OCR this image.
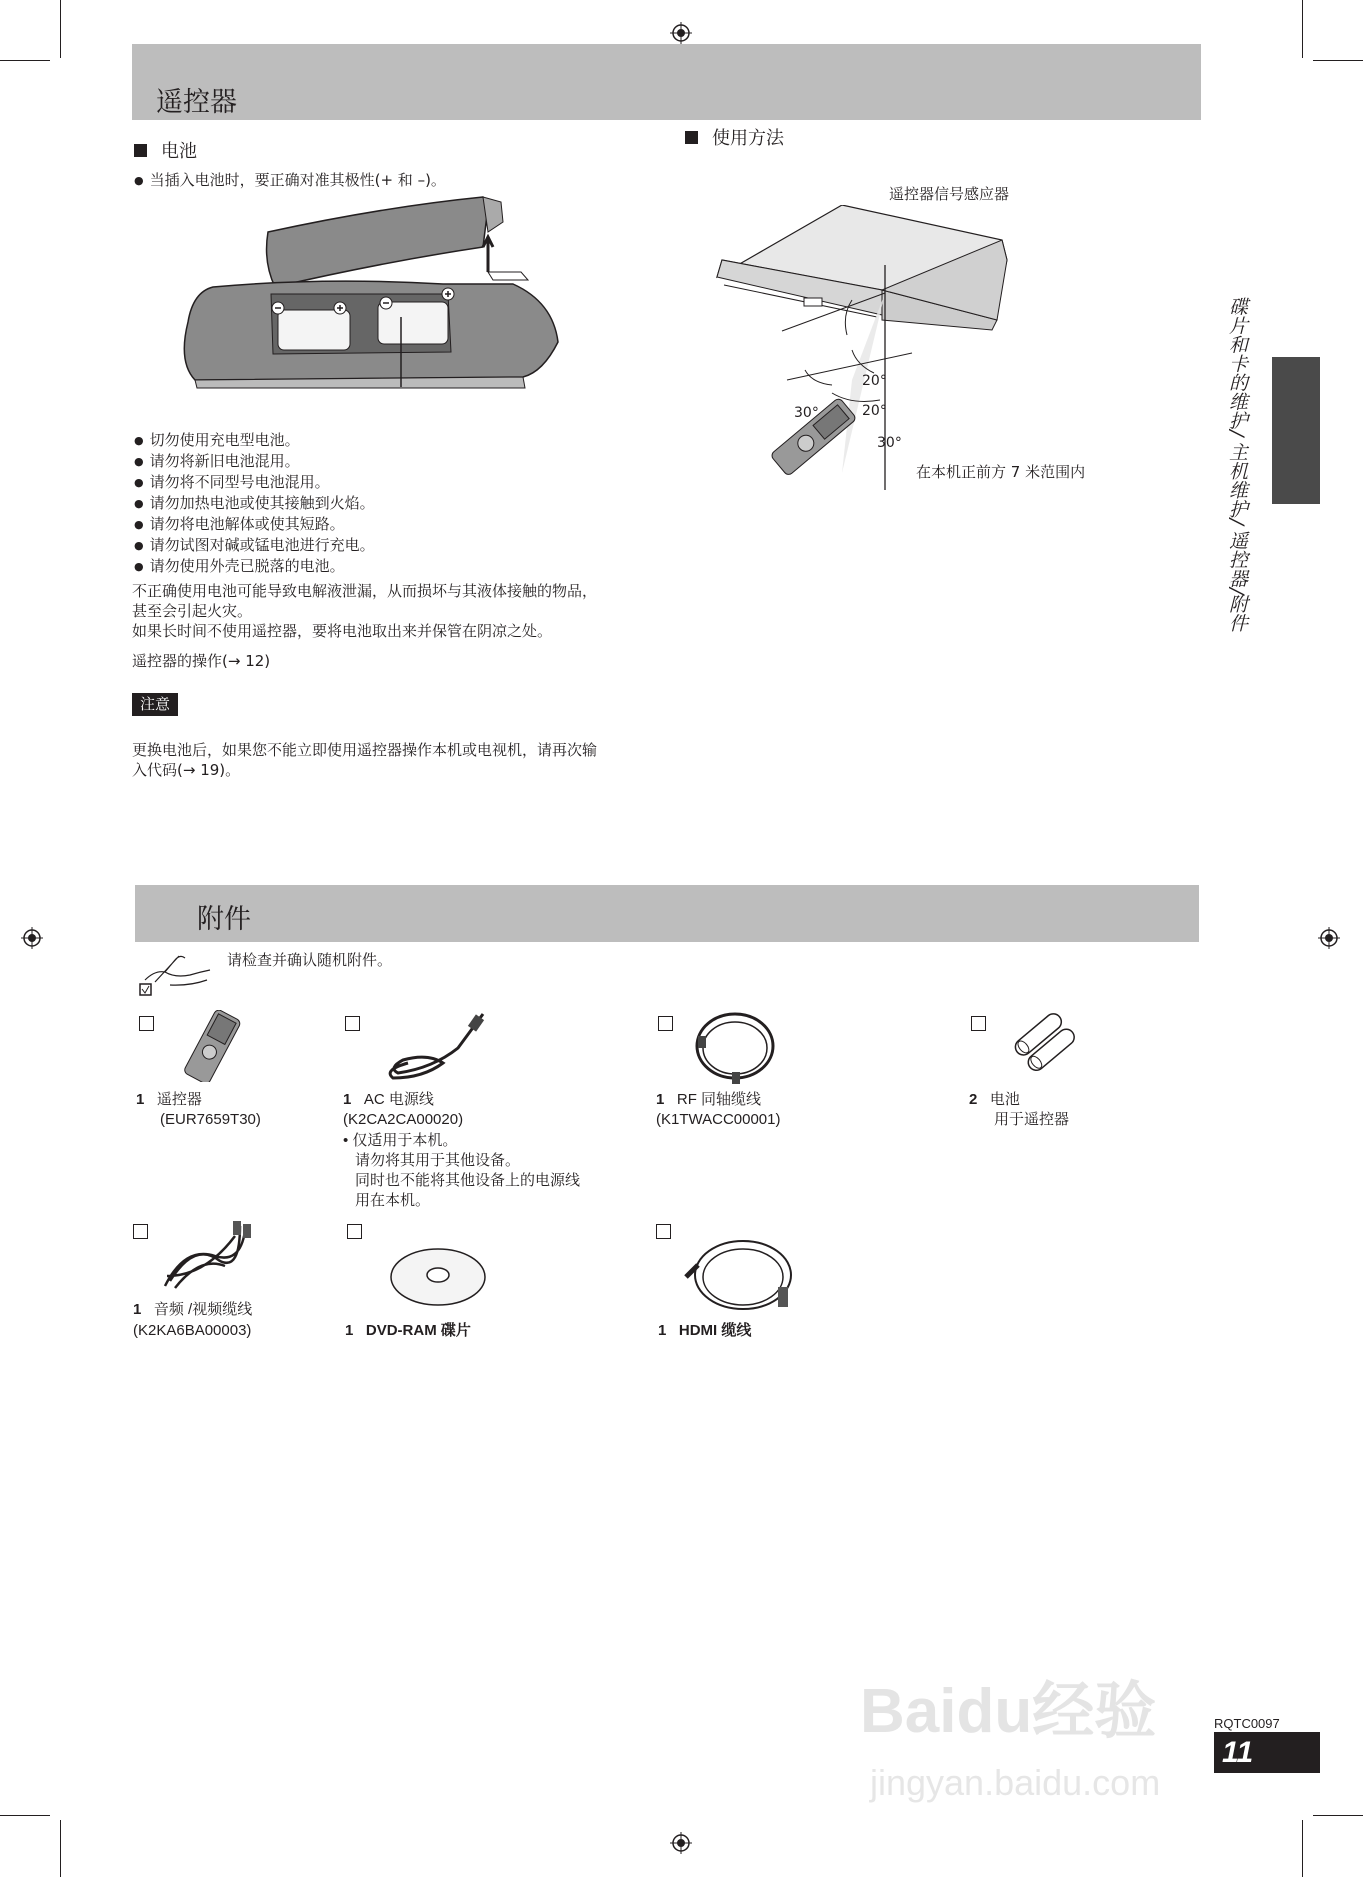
遥控器
电池
● 当插入电池时，要正确对准其极性(+ 和 –)。
● 切勿使用充电型电池。
● 请勿将新旧电池混用。
● 请勿将不同型号电池混用。
● 请勿加热电池或使其接触到火焰。
● 请勿将电池解体或使其短路。
● 请勿试图对碱或锰电池进行充电。
● 请勿使用外壳已脱落的电池。
不正确使用电池可能导致电解液泄漏，从而损坏与其液体接触的物品，
甚至会引起火灾。
如果长时间不使用遥控器，要将电池取出来并保管在阴凉之处。
遥控器的操作(→ 12)
注意
更换电池后，如果您不能立即使用遥控器操作本机或电视机，请再次输
入代码(→ 19)。
使用方法
遥控器信号感应器
20°
30°	20°
30°
在本机正前方 7 米范围内	碟片和卡的维护/ 主机维护/ 遥控器/附件
附件
请检查并确认随机附件。
1 遥控器
(EUR7659T30)
1 AC 电源线
(K2CA2CA00020)
• 仅适用于本机。
请勿将其用于其他设备。
同时也不能将其他设备上的电源线
用在本机。
1 RF 同轴缆线
(K1TWACC00001)
2 电池
用于遥控器
1 音频 /视频缆线
(K2KA6BA00003)	1 DVD-RAM 碟片	1 HDMI 缆线
Baidu经验
jingyan.baidu.com
RQTC0097
11
